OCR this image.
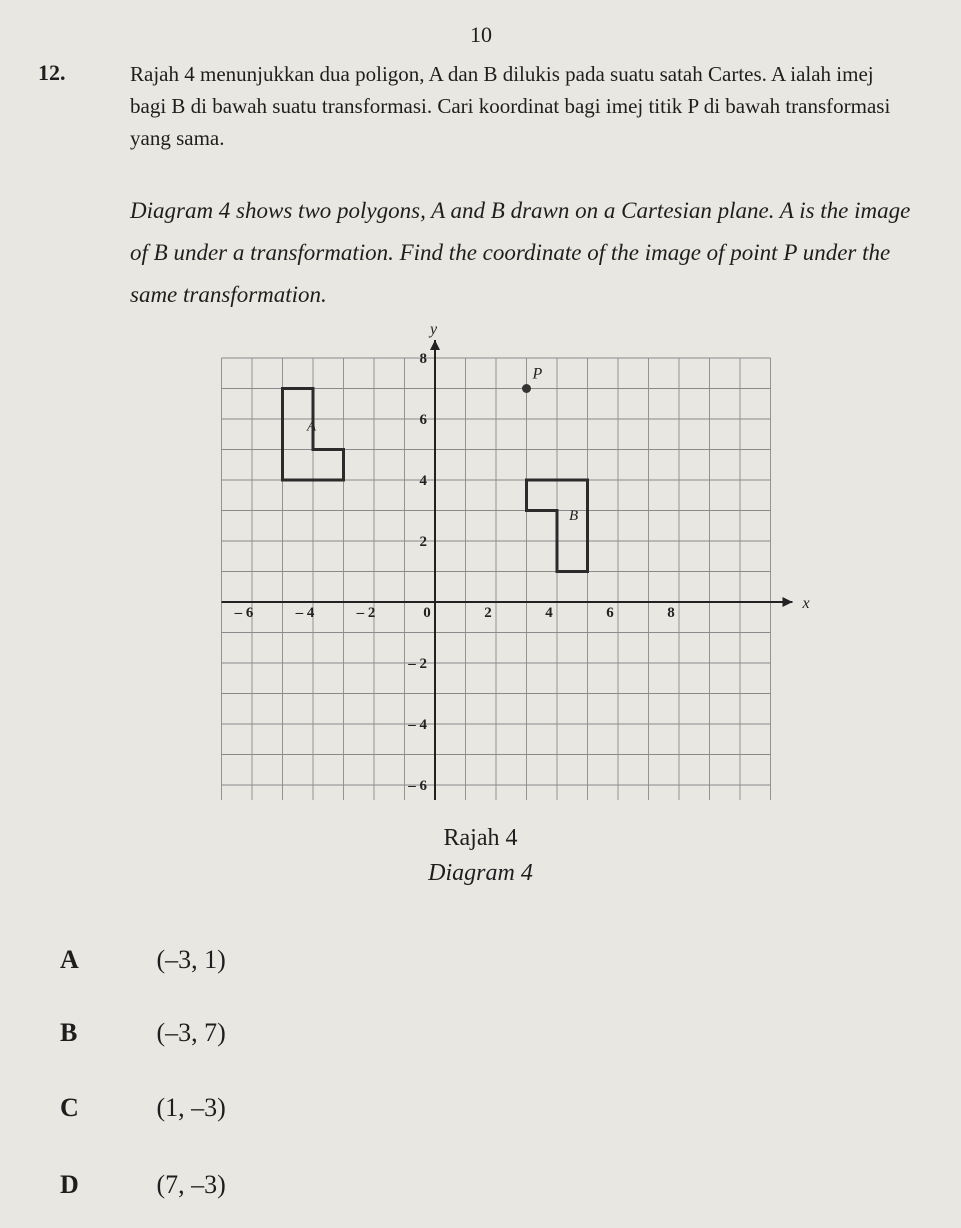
10
12.	Rajah 4 menunjukkan dua poligon, A dan B dilukis pada suatu satah Cartes. A ialah imej bagi B di bawah suatu transformasi. Cari koordinat bagi imej titik P di bawah transformasi yang sama.
Diagram 4 shows two polygons, A and B drawn on a Cartesian plane. A is the image of B under a transformation. Find the coordinate of the image of point P under the same transformation.
x
y
– 6	– 4	– 2	0	2	4	6	8
– 6
– 4
– 2
2
4
6
8
A
B
P
Rajah 4
Diagram 4
A	(–3, 1)
B	(–3, 7)
C	(1, –3)
D	(7, –3)
